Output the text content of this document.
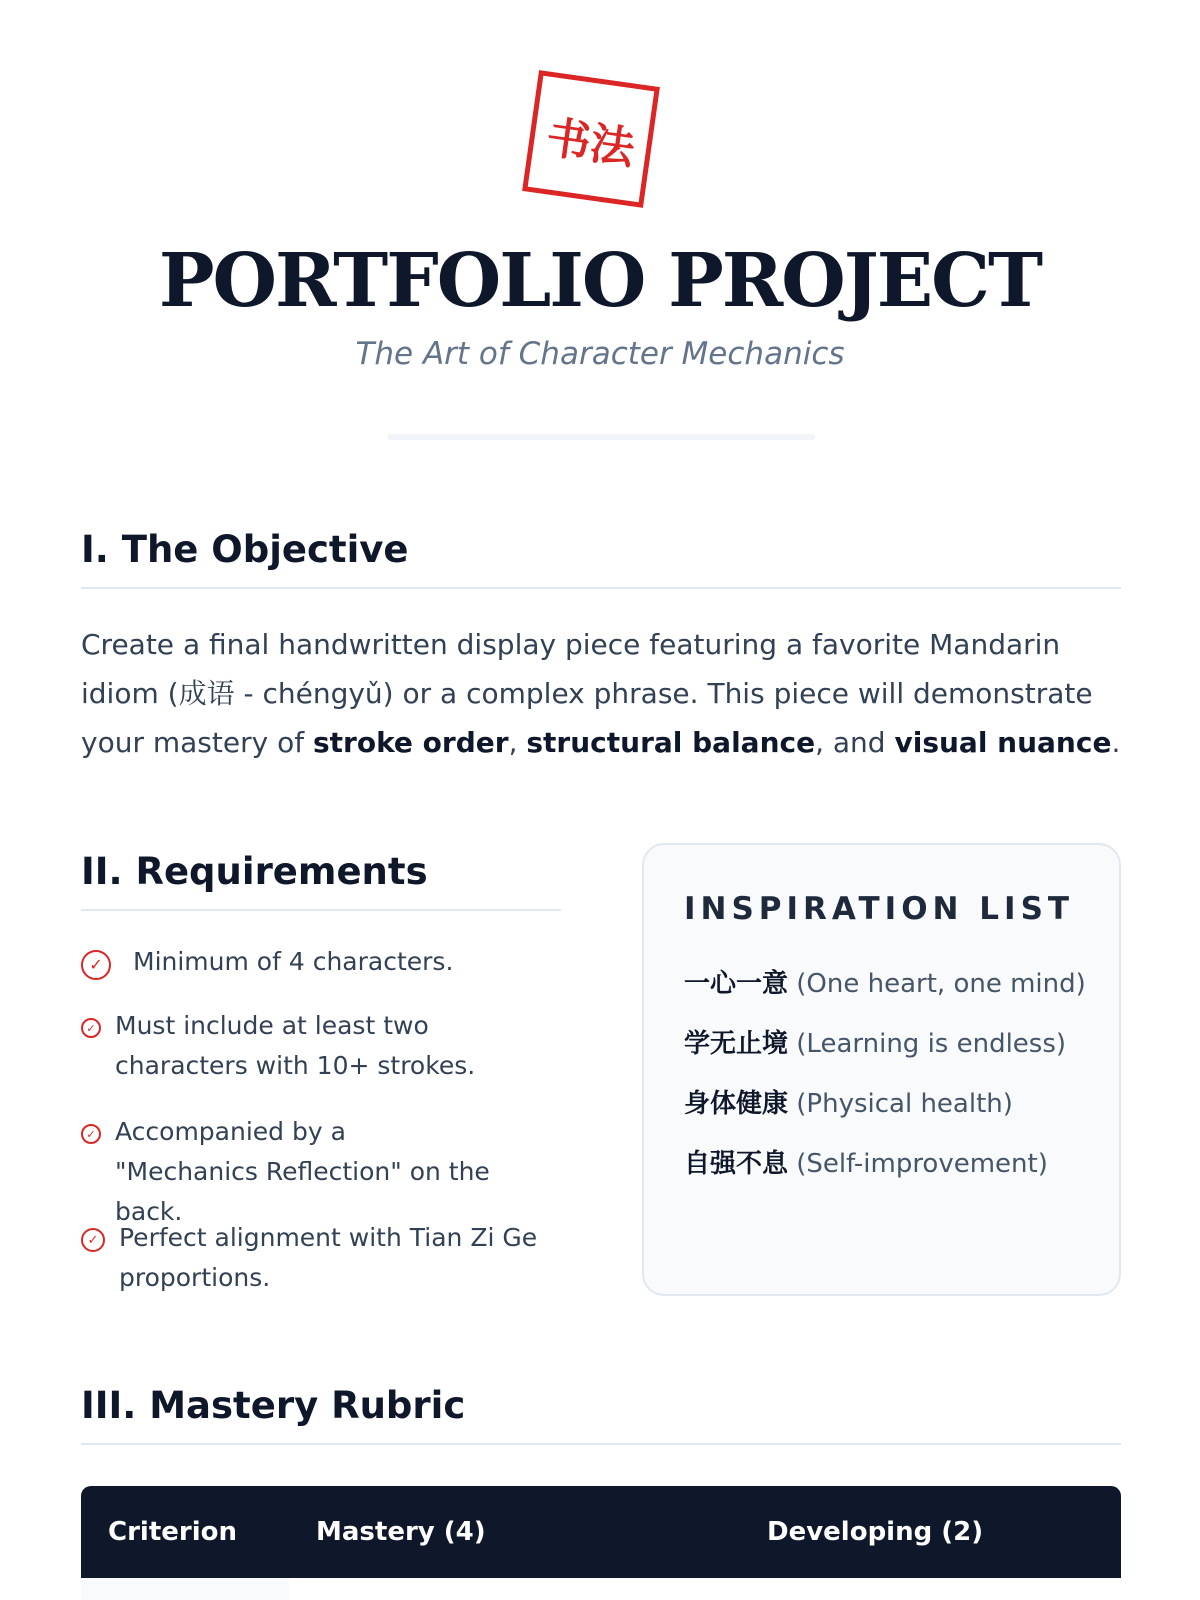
书法
PORTFOLIO PROJECT
The Art of Character Mechanics
I. The Objective

Create a final handwritten display piece featuring a favorite Mandarin idiom (成语 - chéngyǔ) or a complex phrase. This piece will demonstrate your mastery of stroke order, structural balance, and visual nuance.

II. Requirements
✓	Minimum of 4 characters.
✓ Must include at least two characters with 10+ strokes.
✓ Accompanied by a "Mechanics Reflection" on the back.
✓ Perfect alignment with Tian Zi Ge proportions.
INSPIRATION LIST
一心一意 (One heart, one mind)
学无止境 (Learning is endless)
身体健康 (Physical health)
自强不息 (Self-improvement)
III. Mastery Rubric
Criterion	Mastery (4)	Developing (2)
